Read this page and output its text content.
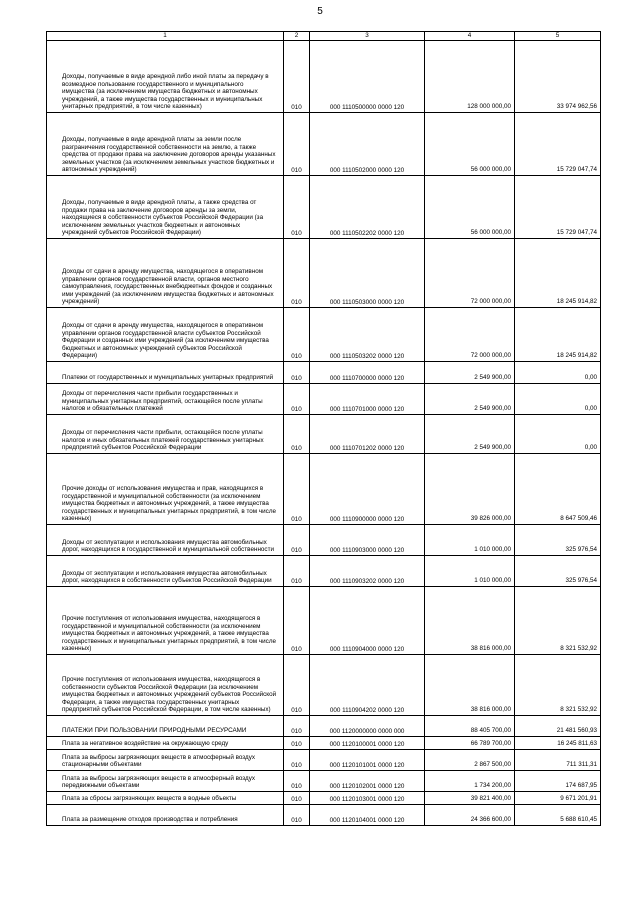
5
1	2	3	4	5
Доходы, получаемые в виде арендной либо иной платы за передачу в возмездное пользование государственного и муниципального имущества (за исключением имущества бюджетных и автономных учреждений, а также имущества государственных и муниципальных унитарных предприятий, в том числе казенных)	010	000 1110500000 0000 120	128 000 000,00	33 974 962,56
Доходы, получаемые в виде арендной платы за земли после разграничения государственной собственности на землю, а также средства от продажи права на заключение договоров аренды указанных земельных участков (за исключением земельных участков бюджетных и автономных учреждений)	010	000 1110502000 0000 120	56 000 000,00	15 729 047,74
Доходы, получаемые в виде арендной платы, а также средства от продажи права на заключение договоров аренды за земли, находящиеся в собственности субъектов Российской Федерации (за исключением земельных участков бюджетных и автономных учреждений субъектов Российской Федерации)	010	000 1110502202 0000 120	56 000 000,00	15 729 047,74
Доходы от сдачи в аренду имущества, находящегося в оперативном управлении органов государственной власти, органов местного самоуправления, государственных внебюджетных фондов и созданных ими учреждений (за исключением имущества бюджетных и автономных учреждений)	010	000 1110503000 0000 120	72 000 000,00	18 245 914,82
Доходы от сдачи в аренду имущества, находящегося в оперативном управлении органов государственной власти субъектов Российской Федерации и созданных ими учреждений (за исключением имущества бюджетных и автономных учреждений субъектов Российской Федерации)	010	000 1110503202 0000 120	72 000 000,00	18 245 914,82
Платежи от государственных и муниципальных унитарных предприятий	010	000 1110700000 0000 120	2 549 900,00	0,00
Доходы от перечисления части прибыли государственных и муниципальных унитарных предприятий, остающейся после уплаты налогов и обязательных платежей	010	000 1110701000 0000 120	2 549 900,00	0,00
Доходы от перечисления части прибыли, остающейся после уплаты налогов и иных обязательных платежей государственных унитарных предприятий субъектов Российской Федерации	010	000 1110701202 0000 120	2 549 900,00	0,00
Прочие доходы от использования имущества и прав, находящихся в государственной и муниципальной собственности (за исключением имущества бюджетных и автономных учреждений, а также имущества государственных и муниципальных унитарных предприятий, в том числе казенных)	010	000 1110900000 0000 120	39 826 000,00	8 647 509,46
Доходы от эксплуатации и использования имущества автомобильных дорог, находящихся в государственной и муниципальной собственности	010	000 1110903000 0000 120	1 010 000,00	325 976,54
Доходы от эксплуатации и использования имущества автомобильных дорог, находящихся в собственности субъектов Российской Федерации	010	000 1110903202 0000 120	1 010 000,00	325 976,54
Прочие поступления от использования имущества, находящегося в государственной и муниципальной собственности (за исключением имущества бюджетных и автономных учреждений, а также имущества государственных и муниципальных унитарных предприятий, в том числе казенных)	010	000 1110904000 0000 120	38 816 000,00	8 321 532,92
Прочие поступления от использования имущества, находящегося в собственности субъектов Российской Федерации (за исключением имущества бюджетных и автономных учреждений субъектов Российской Федерации, а также имущества государственных унитарных предприятий субъектов Российской Федерации, в том числе казенных)	010	000 1110904202 0000 120	38 816 000,00	8 321 532,92
ПЛАТЕЖИ ПРИ ПОЛЬЗОВАНИИ ПРИРОДНЫМИ РЕСУРСАМИ	010	000 1120000000 0000 000	88 405 700,00	21 481 560,93
Плата за негативное воздействие на окружающую среду	010	000 1120100001 0000 120	66 789 700,00	16 245 811,63
Плата за выбросы загрязняющих веществ в атмосферный воздух стационарными объектами	010	000 1120101001 0000 120	2 867 500,00	711 311,31
Плата за выбросы загрязняющих веществ в атмосферный воздух передвижными объектами	010	000 1120102001 0000 120	1 734 200,00	174 687,95
Плата за сбросы загрязняющих веществ в водные объекты	010	000 1120103001 0000 120	39 821 400,00	9 671 201,91
Плата за размещение отходов производства и потребления	010	000 1120104001 0000 120	24 366 600,00	5 688 610,45
